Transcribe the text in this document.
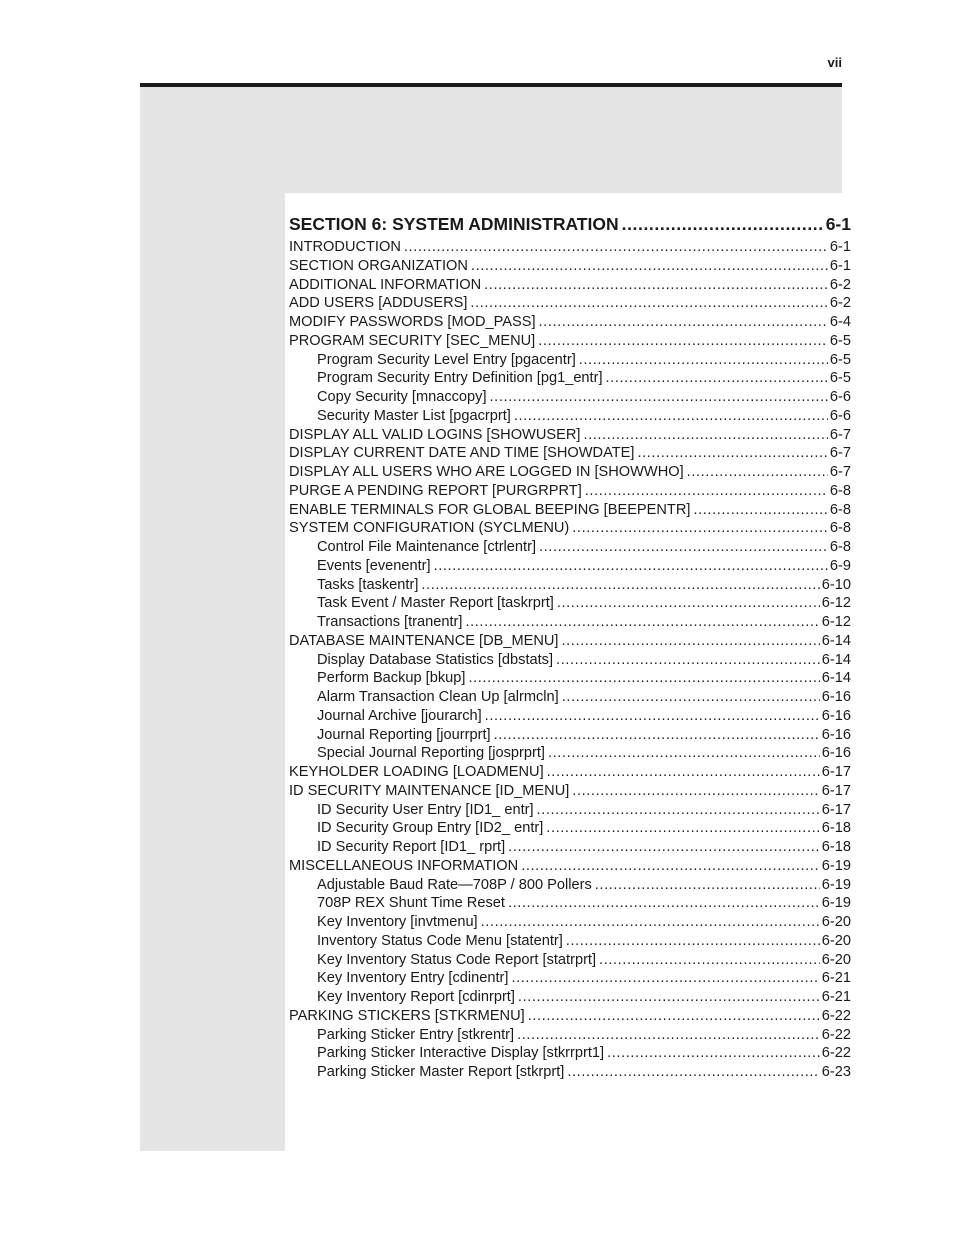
vii
SECTION 6: SYSTEM ADMINISTRATION .....	6-1
INTRODUCTION .....	6-1
SECTION ORGANIZATION .....	6-1
ADDITIONAL INFORMATION .....	6-2
ADD USERS [ADDUSERS] .....	6-2
MODIFY PASSWORDS [MOD_PASS] .....	6-4
PROGRAM SECURITY [SEC_MENU] .....	6-5
Program Security Level Entry [pgacentr] .....	6-5
Program Security Entry Definition [pg1_entr] .....	6-5
Copy Security [mnaccopy] .....	6-6
Security Master List [pgacrprt] .....	6-6
DISPLAY ALL VALID LOGINS [SHOWUSER] .....	6-7
DISPLAY CURRENT DATE AND TIME [SHOWDATE] .....	6-7
DISPLAY ALL USERS WHO ARE LOGGED IN [SHOWWHO] .....	6-7
PURGE A PENDING REPORT [PURGRPRT] .....	6-8
ENABLE TERMINALS FOR GLOBAL BEEPING [BEEPENTR] .....	6-8
SYSTEM CONFIGURATION (SYCLMENU) .....	6-8
Control File Maintenance [ctrlentr] .....	6-8
Events [evenentr] .....	6-9
Tasks [taskentr] .....	6-10
Task Event / Master Report [taskrprt] .....	6-12
Transactions [tranentr] .....	6-12
DATABASE MAINTENANCE [DB_MENU] .....	6-14
Display Database Statistics [dbstats] .....	6-14
Perform Backup [bkup] .....	6-14
Alarm Transaction Clean Up [alrmcln] .....	6-16
Journal Archive [jourarch] .....	6-16
Journal Reporting [jourrprt] .....	6-16
Special Journal Reporting [josprprt] .....	6-16
KEYHOLDER LOADING [LOADMENU] .....	6-17
ID SECURITY MAINTENANCE [ID_MENU] .....	6-17
ID Security User Entry [ID1_ entr] .....	6-17
ID Security Group Entry [ID2_ entr] .....	6-18
ID Security Report [ID1_ rprt] .....	6-18
MISCELLANEOUS INFORMATION .....	6-19
Adjustable Baud Rate—708P / 800 Pollers .....	6-19
708P REX Shunt Time Reset .....	6-19
Key Inventory [invtmenu] .....	6-20
Inventory Status Code Menu [statentr] .....	6-20
Key Inventory Status Code Report [statrprt] .....	6-20
Key Inventory Entry [cdinentr] .....	6-21
Key Inventory Report [cdinrprt] .....	6-21
PARKING STICKERS [STKRMENU] .....	6-22
Parking Sticker Entry [stkrentr] .....	6-22
Parking Sticker Interactive Display [stkrrprt1] .....	6-22
Parking Sticker Master Report [stkrprt] .....	6-23
